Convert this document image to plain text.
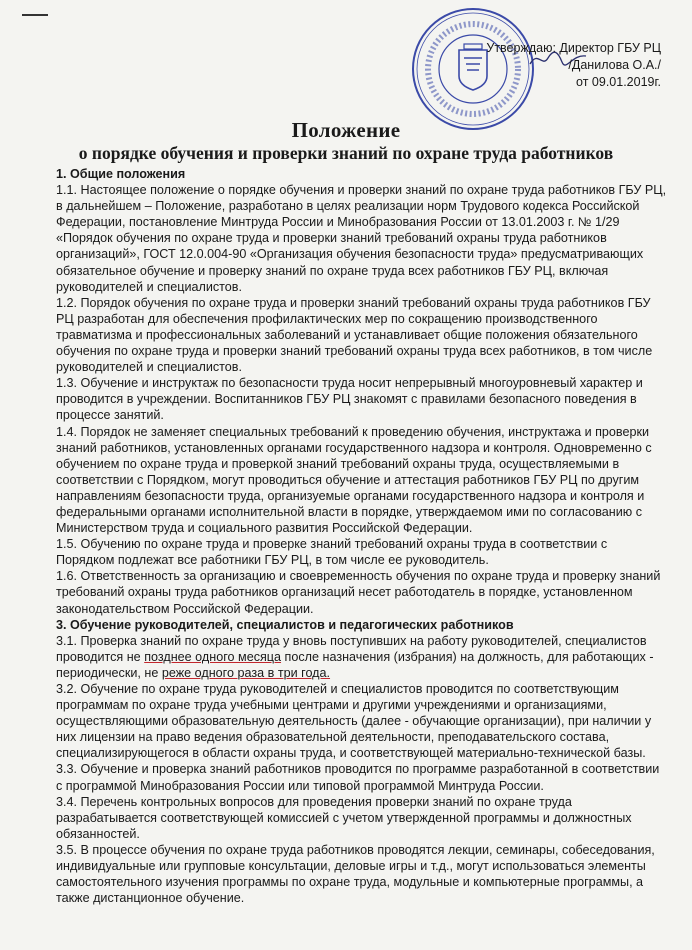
Утверждаю: Директор ГБУ РЦ
/Данилова О.А./
от 09.01.2019г.
Положение
о порядке обучения и проверки знаний по охране труда работников

1. Общие положения

1.1. Настоящее положение о порядке обучения и проверки знаний по охране труда работников ГБУ РЦ, в дальнейшем – Положение, разработано в целях реализации норм Трудового кодекса Российской Федерации, постановление Минтруда России и Минобразования России от 13.01.2003 г. № 1/29 «Порядок обучения по охране труда и проверки знаний требований охраны труда работников организаций», ГОСТ 12.0.004-90 «Организация обучения безопасности труда» предусматривающих обязательное обучение и проверку знаний по охране труда всех работников ГБУ РЦ, включая руководителей и специалистов.

1.2. Порядок обучения по охране труда и проверки знаний требований охраны труда работников ГБУ РЦ разработан для обеспечения профилактических мер по сокращению производственного травматизма и профессиональных заболеваний и устанавливает общие положения обязательного обучения по охране труда и проверки знаний требований охраны труда всех работников, в том числе руководителей и специалистов.

1.3. Обучение и инструктаж по безопасности труда носит непрерывный многоуровневый характер и проводится в учреждении. Воспитанников ГБУ РЦ знакомят с правилами безопасного поведения в процессе занятий.

1.4. Порядок не заменяет специальных требований к проведению обучения, инструктажа и проверки знаний работников, установленных органами государственного надзора и контроля. Одновременно с обучением по охране труда и проверкой знаний требований охраны труда, осуществляемыми в соответствии с Порядком, могут проводиться обучение и аттестация работников ГБУ РЦ по другим направлениям безопасности труда, организуемые органами государственного надзора и контроля и федеральными органами исполнительной власти в порядке, утверждаемом ими по согласованию с Министерством труда и социального развития Российской Федерации.

1.5. Обучению по охране труда и проверке знаний требований охраны труда в соответствии с Порядком подлежат все работники ГБУ РЦ, в том числе ее руководитель.

1.6. Ответственность за организацию и своевременность обучения по охране труда и проверку знаний требований охраны труда работников организаций несет работодатель в порядке, установленном законодательством Российской Федерации.

3. Обучение руководителей, специалистов и педагогических работников

3.1. Проверка знаний по охране труда у вновь поступивших на работу руководителей, специалистов проводится не позднее одного месяца после назначения (избрания) на должность, для работающих - периодически, не реже одного раза в три года.

3.2. Обучение по охране труда руководителей и специалистов проводится по соответствующим программам по охране труда учебными центрами и другими учреждениями и организациями, осуществляющими образовательную деятельность (далее - обучающие организации), при наличии у них лицензии на право ведения образовательной деятельности, преподавательского состава, специализирующегося в области охраны труда, и соответствующей материально-технической базы.

3.3. Обучение и проверка знаний работников проводится по программе разработанной в соответствии с программой Минобразования России или типовой программой Минтруда России.

3.4. Перечень контрольных вопросов для проведения проверки знаний по охране труда разрабатывается соответствующей комиссией с учетом утвержденной программы и должностных обязанностей.

3.5. В процессе обучения по охране труда работников проводятся лекции, семинары, собеседования, индивидуальные или групповые консультации, деловые игры и т.д., могут использоваться элементы самостоятельного изучения программы по охране труда, модульные и компьютерные программы, а также дистанционное обучение.
